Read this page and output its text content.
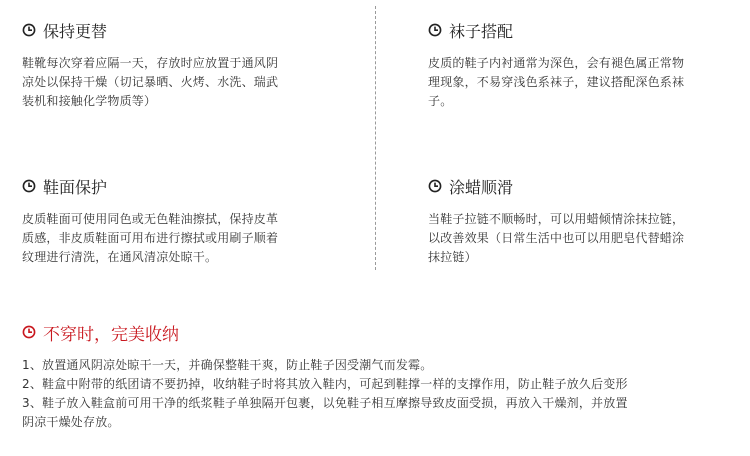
保持更替
鞋靴每次穿着应隔一天，存放时应放置于通风阴
凉处以保持干燥（切记暴晒、火烤、水洗、瑞武
装机和接触化学物质等）
袜子搭配
皮质的鞋子内衬通常为深色，会有褪色属正常物
理现象，不易穿浅色系袜子，建议搭配深色系袜
子。
鞋面保护
皮质鞋面可使用同色或无色鞋油擦拭，保持皮革
质感，非皮质鞋面可用布进行擦拭或用刷子顺着
纹理进行清洗，在通风清凉处晾干。
涂蜡顺滑
当鞋子拉链不顺畅时，可以用蜡倾情涂抹拉链，
以改善效果（日常生活中也可以用肥皂代替蜡涂
抹拉链）
不穿时，完美收纳
1、放置通风阴凉处晾干一天，并确保整鞋干爽，防止鞋子因受潮气而发霉。
2、鞋盒中附带的纸团请不要扔掉，收纳鞋子时将其放入鞋内，可起到鞋撑一样的支撑作用，防止鞋子放久后变形
3、鞋子放入鞋盒前可用干净的纸浆鞋子单独隔开包裹，以免鞋子相互摩擦导致皮面受损，再放入干燥剂，并放置
阴凉干燥处存放。
